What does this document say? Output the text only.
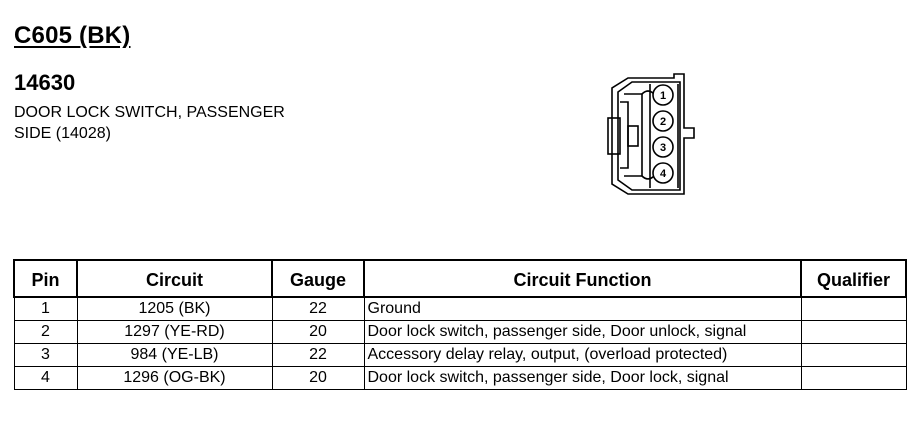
C605 (BK)
14630
DOOR LOCK SWITCH, PASSENGER
SIDE (14028)
1
2
3
4
Pin	Circuit	Gauge	Circuit Function	Qualifier
1	1205 (BK)	22	Ground	
2	1297 (YE-RD)	20	Door lock switch, passenger side, Door unlock, signal	
3	984 (YE-LB)	22	Accessory delay relay, output, (overload protected)	
4	1296 (OG-BK)	20	Door lock switch, passenger side, Door lock, signal	
